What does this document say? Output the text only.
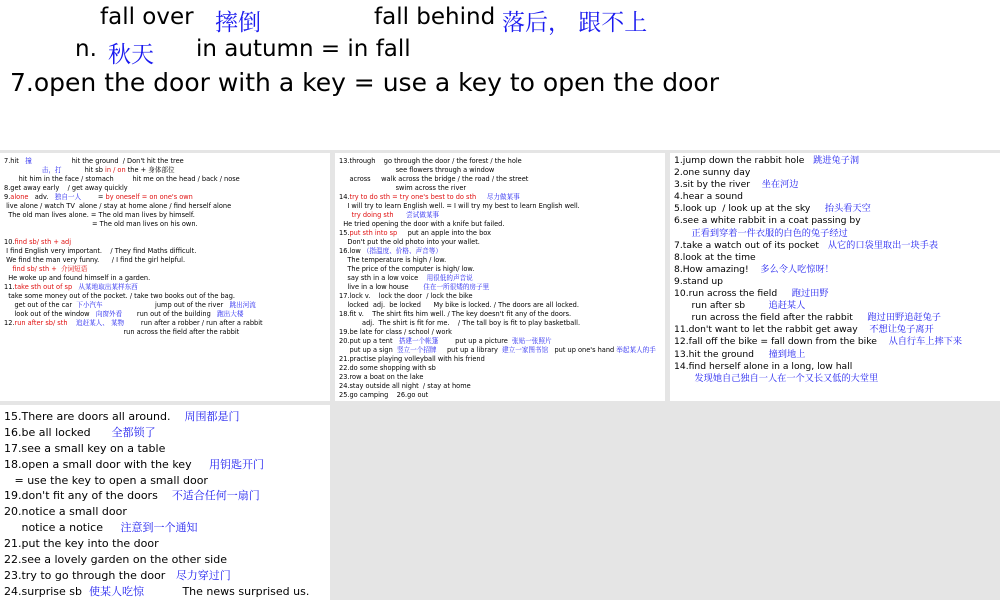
fall over 摔倒	fall behind 落后， 跟不上
n. 秋天 in autumn = in fall
7.open the door with a key = use a key to open the door
7.hit   撞                   hit the ground  / Don't hit the tree
击，打           hit sb in / on the + 身体部位
hit him in the face / stomach         hit me on the head / back / nose
8.get away early    / get away quickly
9.alone   adv.   独自一人        = by oneself = on one's own
live alone / watch TV  alone / stay at home alone / find herself alone
The old man lives alone. = The old man lives by himself.
= The old man lives on his own.
10.find sb/ sth + adj
I find English very important.    / They find Maths difficult.
We find the man very funny.      / I find the girl helpful.
find sb/ sth +  介词短语
He woke up and found himself in a garden.
11.take sth out of sp 从某地取出某样东西
take some money out of the pocket. / take two books out of the bag.
get out of the car  下小汽车                         jump out of the river   跳出河流
look out of the window   向窗外看       run out of the building   跑出大楼
12.run after sb/ sth 追赶某人、 某物        run after a robber / run after a rabbit
run across the field after the rabbit
13.through    go through the door / the forest / the hole
see flowers through a window
across     walk across the bridge / the road / the street
swim across the river
14.try to do sth = try one's best to do sth 尽力做某事
I will try to learn English well. = I will try my best to learn English well.
try doing sth 尝试做某事
He tried opening the door with a knife but failed.
15.put sth into sp     put an apple into the box
Don't put the old photo into your wallet.
16.low （指温度、价格、声音等）
The temperature is high / low.
The price of the computer is high/ low.
say sth in a low voice    用很低的声音说
live in a low house       住在一所很矮的房子里
17.lock v.    lock the door  / lock the bike
locked  adj.  be locked      My bike is locked. / The doors are all locked.
18.fit v.    The shirt fits him well. / The key doesn't fit any of the doors.
adj.  The shirt is fit for me.    / The tall boy is fit to play basketball.
19.be late for class / school / work
20.put up a tent   搭建一个帐篷        put up a picture  张贴一张照片
put up a sign  竖立一个招牌     put up a library  建立一家图书馆   put up one's hand 举起某人的手
21.practise playing volleyball with his friend
22.do some shopping with sb
23.row a boat on the lake
24.stay outside all night  / stay at home
25.go camping    26.go out
1.jump down the rabbit hole   跳进兔子洞
2.one sunny day
3.sit by the river    坐在河边
4.hear a sound
5.look up  / look up at the sky     抬头看天空
6.see a white rabbit in a coat passing by
正看到穿着一件衣服的白色的兔子经过
7.take a watch out of its pocket   从它的口袋里取出一块手表
8.look at the time
8.How amazing!    多么令人吃惊呀！
9.stand up
10.run across the field     跑过田野
run after sb        追赶某人
run across the field after the rabbit     跑过田野追赶兔子
11.don't want to let the rabbit get away    不想让兔子离开
12.fall off the bike = fall down from the bike    从自行车上摔下来
13.hit the ground     撞到地上
14.find herself alone in a long, low hall
发现她自己独自一人在一个又长又低的大堂里
15.There are doors all around.    周围都是门
16.be all locked      全都锁了
17.see a small key on a table
18.open a small door with the key     用钥匙开门
= use the key to open a small door
19.don't fit any of the doors    不适合任何一扇门
20.notice a small door
notice a notice     注意到一个通知
21.put the key into the door
22.see a lovely garden on the other side
23.try to go through the door   尽力穿过门
24.surprise sb  使某人吃惊           The news surprised us.
